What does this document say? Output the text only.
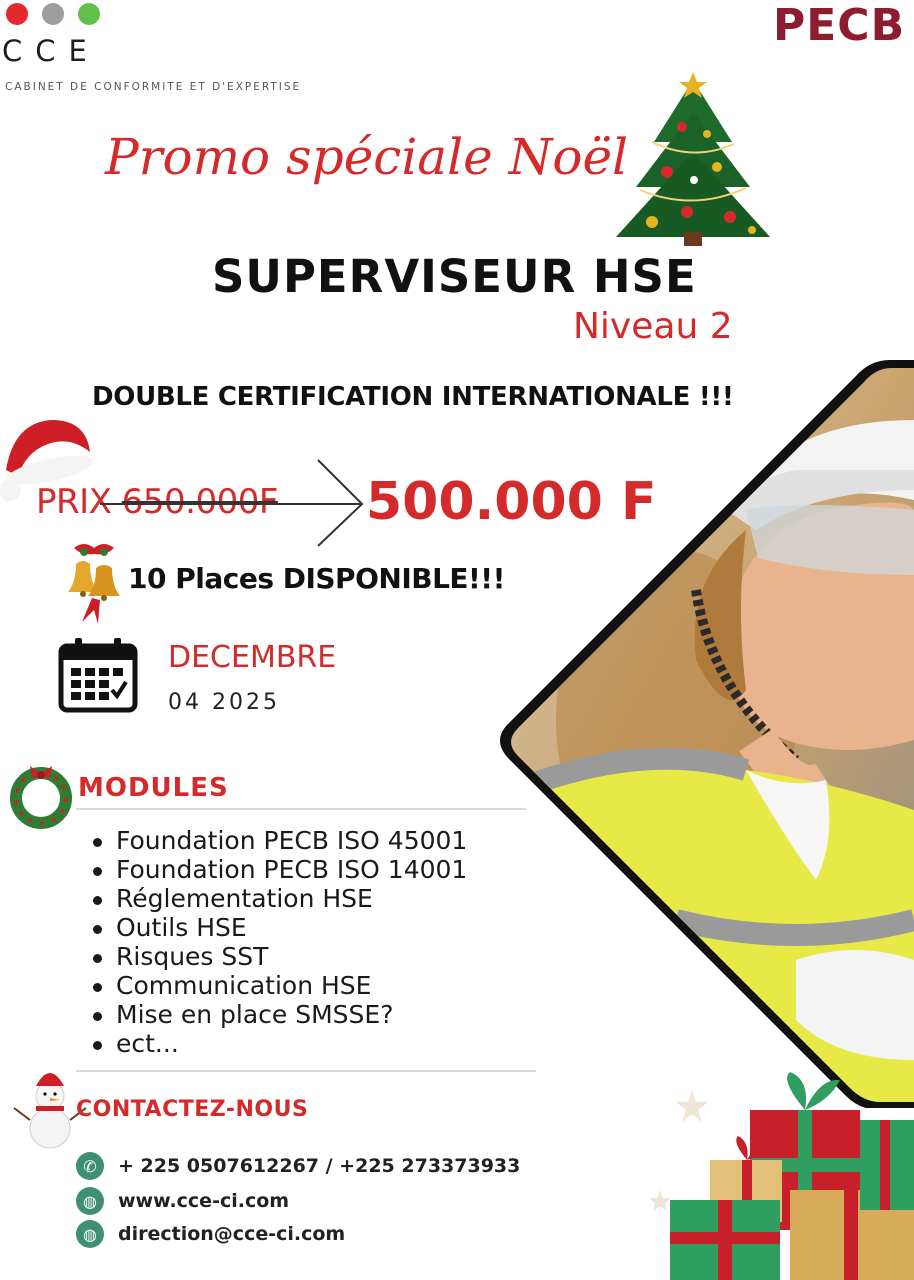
CCE
CABINET DE CONFORMITE ET D'EXPERTISE
PECB
Promo spéciale Noël
SUPERVISEUR HSE
Niveau 2
DOUBLE CERTIFICATION INTERNATIONALE !!!
PRIX 650.000F 500.000 F
10 Places DISPONIBLE!!!
DECEMBRE
04 2025
MODULES
Foundation PECB ISO 45001
Foundation PECB ISO 14001
Réglementation HSE
Outils HSE
Risques SST
Communication HSE
Mise en place SMSSE?
ect...
CONTACTEZ-NOUS
✆	+ 225 0507612267 / +225 273373933
◍	www.cce-ci.com
◍	direction@cce-ci.com
